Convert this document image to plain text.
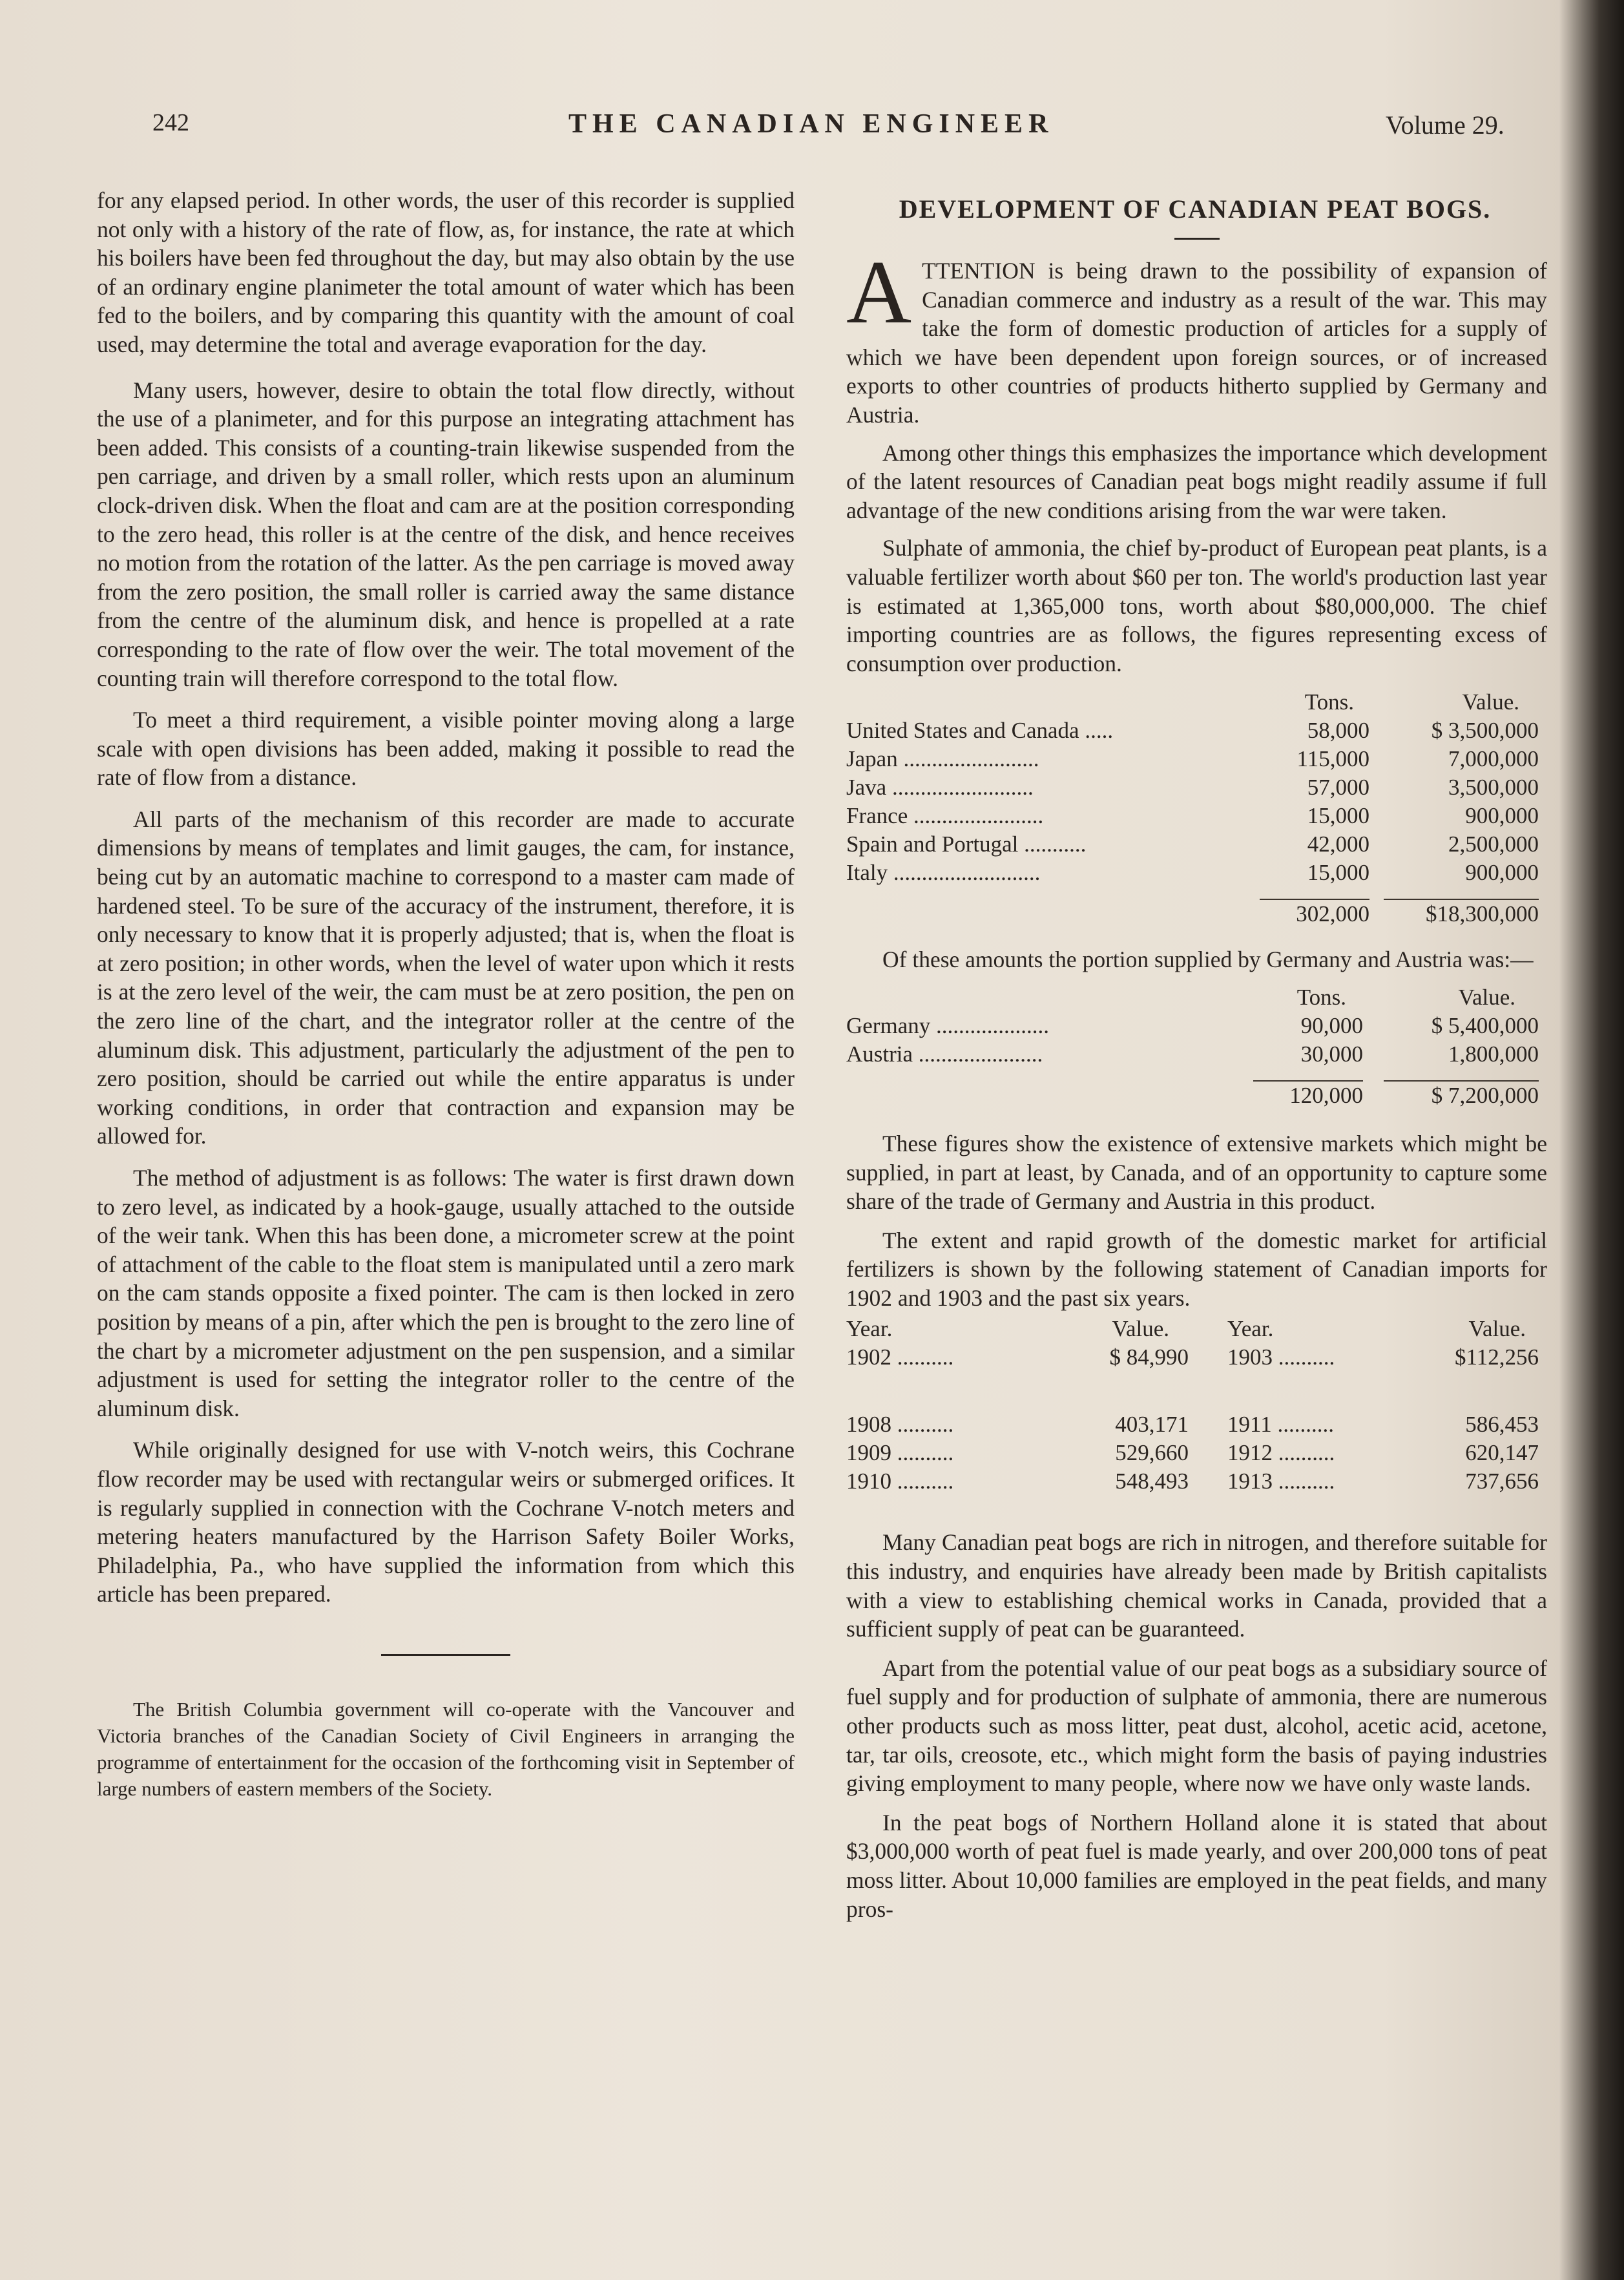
242	THE CANADIAN ENGINEER	Volume 29.

for any elapsed period. In other words, the user of this recorder is supplied not only with a history of the rate of flow, as, for instance, the rate at which his boilers have been fed throughout the day, but may also obtain by the use of an ordinary engine planimeter the total amount of water which has been fed to the boilers, and by comparing this quantity with the amount of coal used, may determine the total and average evaporation for the day.

Many users, however, desire to obtain the total flow directly, without the use of a planimeter, and for this purpose an integrating attachment has been added. This consists of a counting-train likewise suspended from the pen carriage, and driven by a small roller, which rests upon an aluminum clock-driven disk. When the float and cam are at the position corresponding to the zero head, this roller is at the centre of the disk, and hence receives no motion from the rotation of the latter. As the pen carriage is moved away from the zero position, the small roller is carried away the same distance from the centre of the aluminum disk, and hence is propelled at a rate corresponding to the rate of flow over the weir. The total movement of the counting train will therefore correspond to the total flow.

To meet a third requirement, a visible pointer moving along a large scale with open divisions has been added, making it possible to read the rate of flow from a distance.

All parts of the mechanism of this recorder are made to accurate dimensions by means of templates and limit gauges, the cam, for instance, being cut by an automatic machine to correspond to a master cam made of hardened steel. To be sure of the accuracy of the instrument, therefore, it is only necessary to know that it is properly adjusted; that is, when the float is at zero position; in other words, when the level of water upon which it rests is at the zero level of the weir, the cam must be at zero position, the pen on the zero line of the chart, and the integrator roller at the centre of the aluminum disk. This adjustment, particularly the adjustment of the pen to zero position, should be carried out while the entire apparatus is under working conditions, in order that contraction and expansion may be allowed for.

The method of adjustment is as follows: The water is first drawn down to zero level, as indicated by a hook-gauge, usually attached to the outside of the weir tank. When this has been done, a micrometer screw at the point of attachment of the cable to the float stem is manipulated until a zero mark on the cam stands opposite a fixed pointer. The cam is then locked in zero position by means of a pin, after which the pen is brought to the zero line of the chart by a micrometer adjustment on the pen suspension, and a similar adjustment is used for setting the integrator roller to the centre of the aluminum disk.

While originally designed for use with V-notch weirs, this Cochrane flow recorder may be used with rectangular weirs or submerged orifices. It is regularly supplied in connection with the Cochrane V-notch meters and metering heaters manufactured by the Harrison Safety Boiler Works, Philadelphia, Pa., who have supplied the information from which this article has been prepared.

The British Columbia government will co-operate with the Vancouver and Victoria branches of the Canadian Society of Civil Engineers in arranging the programme of entertainment for the occasion of the forthcoming visit in September of large numbers of eastern members of the Society.

DEVELOPMENT OF CANADIAN PEAT BOGS.
A TTENTION is being drawn to the possibility of expansion of Canadian commerce and industry as a result of the war. This may take the form of domestic production of articles for a supply of which we have been dependent upon foreign sources, or of increased exports to other countries of products hitherto supplied by Germany and Austria.

Among other things this emphasizes the importance which development of the latent resources of Canadian peat bogs might readily assume if full advantage of the new conditions arising from the war were taken.

Sulphate of ammonia, the chief by-product of European peat plants, is a valuable fertilizer worth about $60 per ton. The world's production last year is estimated at 1,365,000 tons, worth about $80,000,000. The chief importing countries are as follows, the figures representing excess of consumption over production.

	Tons.	Value.
United States and Canada .....	58,000	$ 3,500,000
Japan ........................	115,000	7,000,000
Java .........................	57,000	3,500,000
France .......................	15,000	900,000
Spain and Portugal ...........	42,000	2,500,000
Italy ..........................	15,000	900,000

	302,000	$18,300,000

Of these amounts the portion supplied by Germany and Austria was:—

	Tons.	Value.
Germany ....................	90,000	$ 5,400,000
Austria ......................	30,000	1,800,000

	120,000	$ 7,200,000

These figures show the existence of extensive markets which might be supplied, in part at least, by Canada, and of an opportunity to capture some share of the trade of Germany and Austria in this product.

The extent and rapid growth of the domestic market for artificial fertilizers is shown by the following statement of Canadian imports for 1902 and 1903 and the past six years.

Year.	Value.	Year.	Value.
1902 ..........	$ 84,990	1903 ..........	$112,256

1908 ..........	403,171	1911 ..........	586,453
1909 ..........	529,660	1912 ..........	620,147
1910 ..........	548,493	1913 ..........	737,656

Many Canadian peat bogs are rich in nitrogen, and therefore suitable for this industry, and enquiries have already been made by British capitalists with a view to establishing chemical works in Canada, provided that a sufficient supply of peat can be guaranteed.

Apart from the potential value of our peat bogs as a subsidiary source of fuel supply and for production of sulphate of ammonia, there are numerous other products such as moss litter, peat dust, alcohol, acetic acid, acetone, tar, tar oils, creosote, etc., which might form the basis of paying industries giving employment to many people, where now we have only waste lands.

In the peat bogs of Northern Holland alone it is stated that about $3,000,000 worth of peat fuel is made yearly, and over 200,000 tons of peat moss litter. About 10,000 families are employed in the peat fields, and many pros-
